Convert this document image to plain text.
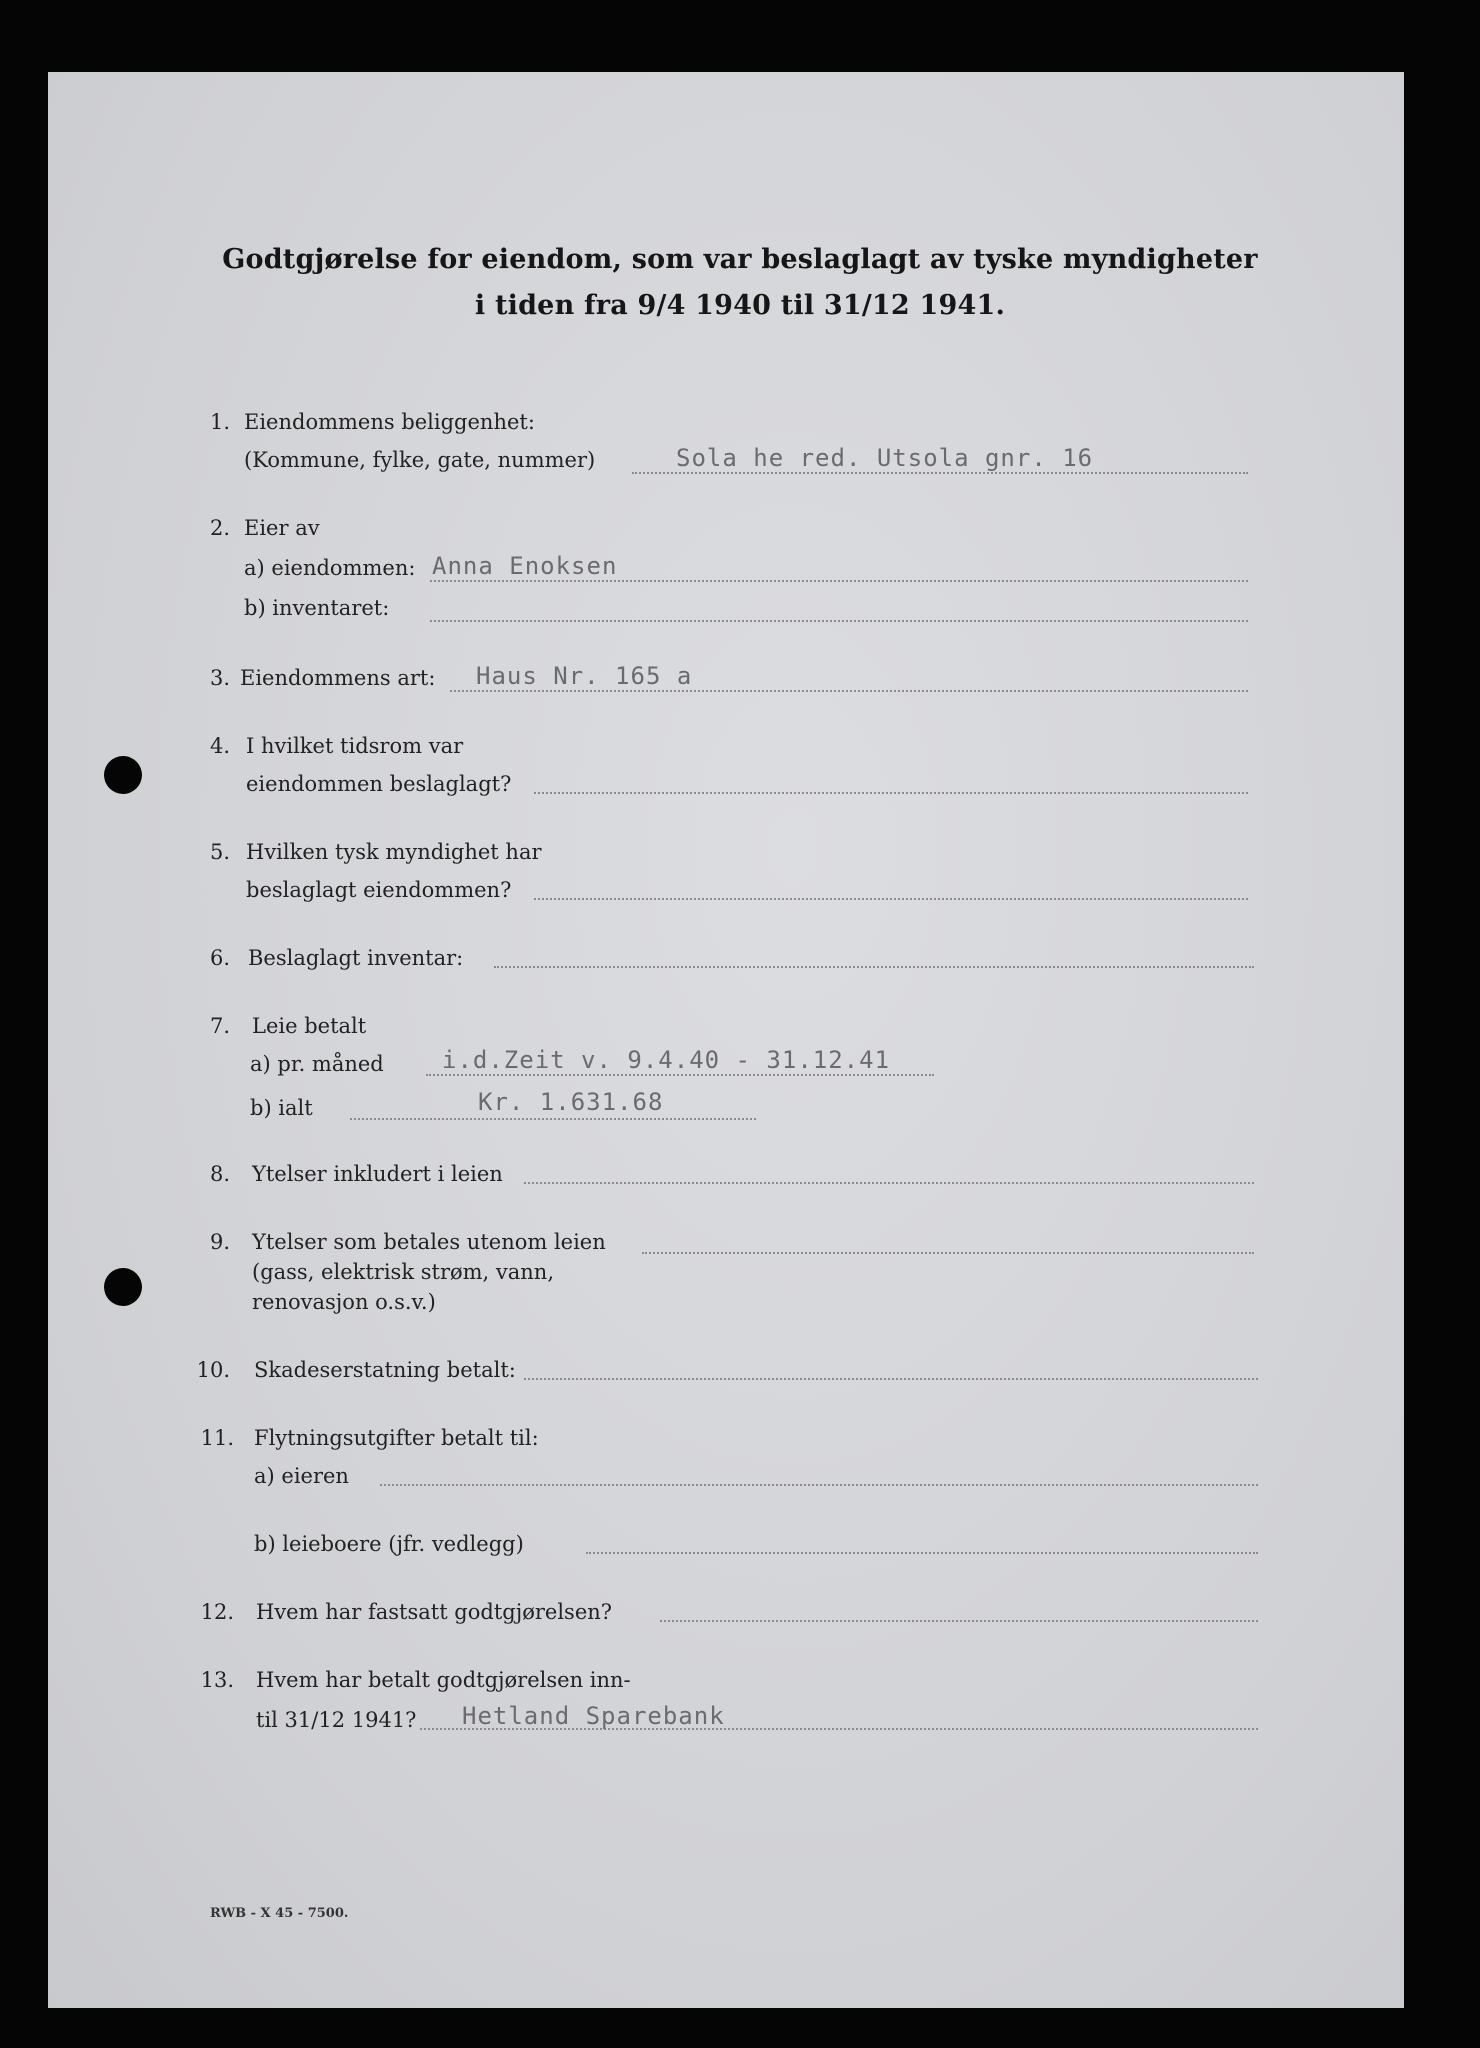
Godtgjørelse for eiendom, som var beslaglagt av tyske myndigheter
i tiden fra 9/4 1940 til 31/12 1941.
1. Eiendommens beliggenhet:
(Kommune, fylke, gate, nummer)	Sola he red. Utsola gnr. 16
2. Eier av
a) eiendommen: Anna Enoksen
b) inventaret:
3. Eiendommens art: Haus Nr. 165 a
4. I hvilket tidsrom var
eiendommen beslaglagt?
5. Hvilken tysk myndighet har
beslaglagt eiendommen?
6. Beslaglagt inventar:
7. Leie betalt
a) pr. måned i.d.Zeit v. 9.4.40 - 31.12.41
b) ialt	Kr. 1.631.68
8. Ytelser inkludert i leien
9. Ytelser som betales utenom leien
(gass, elektrisk strøm, vann,
renovasjon o.s.v.)
10. Skadeserstatning betalt:
11. Flytningsutgifter betalt til:
a) eieren
b) leieboere (jfr. vedlegg)
12. Hvem har fastsatt godtgjørelsen?
13. Hvem har betalt godtgjørelsen inn-
til 31/12 1941? Hetland Sparebank
RWB - X 45 - 7500.
